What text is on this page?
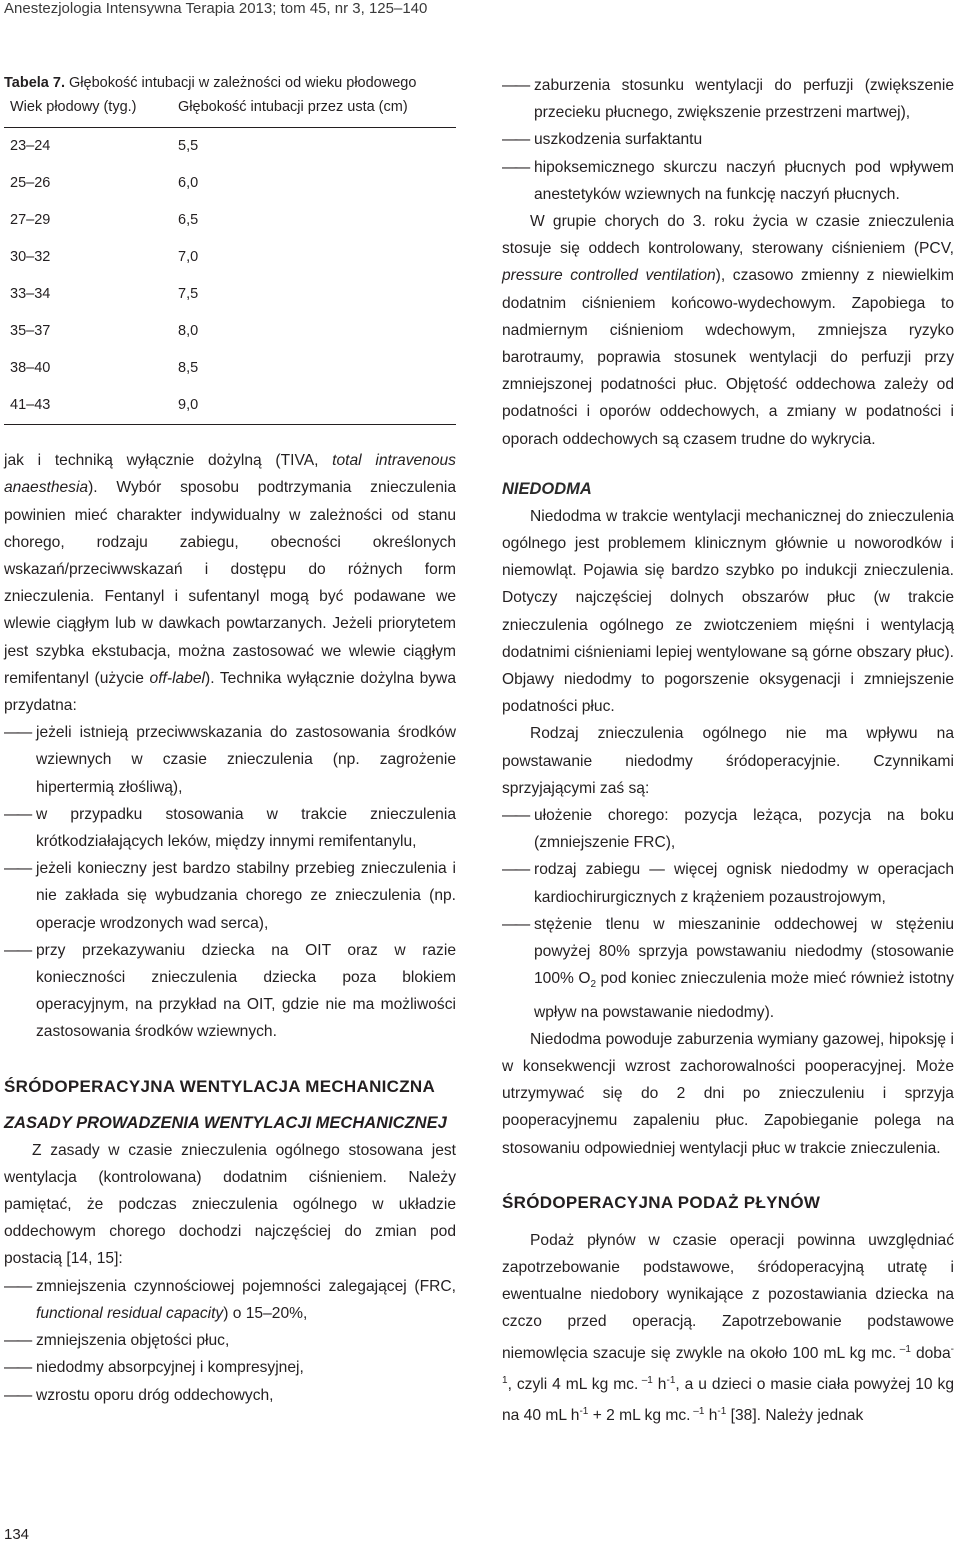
Anestezjologia Intensywna Terapia 2013; tom 45, nr 3, 125–140
Tabela 7. Głębokość intubacji w zależności od wieku płodowego
Wiek płodowy (tyg.)	Głębokość intubacji przez usta (cm)
23–24	5,5
25–26	6,0
27–29	6,5
30–32	7,0
33–34	7,5
35–37	8,0
38–40	8,5
41–43	9,0

jak i techniką wyłącznie dożylną (TIVA, total intravenous anaesthesia). Wybór sposobu podtrzymania znieczulenia powinien mieć charakter indywidualny w zależności od stanu chorego, rodzaju zabiegu, obecności określonych wskazań/przeciwwskazań i dostępu do różnych form znieczulenia. Fentanyl i sufentanyl mogą być podawane we wlewie ciągłym lub w dawkach powtarzanych. Jeżeli priorytetem jest szybka ekstubacja, można zastosować we wlewie ciągłym remifentanyl (użycie off-label). Technika wyłącznie dożylna bywa przydatna:

—— jeżeli istnieją przeciwwskazania do zastosowania środków wziewnych w czasie znieczulenia (np. zagrożenie hipertermią złośliwą),
—— w przypadku stosowania w trakcie znieczulenia krótkodziałających leków, między innymi remifentanylu,
—— jeżeli konieczny jest bardzo stabilny przebieg znieczulenia i nie zakłada się wybudzania chorego ze znieczulenia (np. operacje wrodzonych wad serca),
—— przy przekazywaniu dziecka na OIT oraz w razie konieczności znieczulenia dziecka poza blokiem operacyjnym, na przykład na OIT, gdzie nie ma możliwości zastosowania środków wziewnych.
ŚRÓDOPERACYJNA WENTYLACJA MECHANICZNA
ZASADY PROWADZENIA WENTYLACJI MECHANICZNEJ

Z zasady w czasie znieczulenia ogólnego stosowana jest wentylacja (kontrolowana) dodatnim ciśnieniem. Należy pamiętać, że podczas znieczulenia ogólnego w układzie oddechowym chorego dochodzi najczęściej do zmian pod postacią [14, 15]:

—— zmniejszenia czynnościowej pojemności zalegającej (FRC, functional residual capacity) o 15–20%,
—— zmniejszenia objętości płuc,
—— niedodmy absorpcyjnej i kompresyjnej,
—— wzrostu oporu dróg oddechowych,
—— zaburzenia stosunku wentylacji do perfuzji (zwiększenie przecieku płucnego, zwiększenie przestrzeni martwej),
—— uszkodzenia surfaktantu
—— hipoksemicznego skurczu naczyń płucnych pod wpływem anestetyków wziewnych na funkcję naczyń płucnych.

W grupie chorych do 3. roku życia w czasie znieczulenia stosuje się oddech kontrolowany, sterowany ciśnieniem (PCV, pressure controlled ventilation), czasowo zmienny z niewielkim dodatnim ciśnieniem końcowo-wydechowym. Zapobiega to nadmiernym ciśnieniom wdechowym, zmniejsza ryzyko barotraumy, poprawia stosunek wentylacji do perfuzji przy zmniejszonej podatności płuc. Objętość oddechowa zależy od podatności i oporów oddechowych, a zmiany w podatności i oporach oddechowych są czasem trudne do wykrycia.

NIEDODMA

Niedodma w trakcie wentylacji mechanicznej do znieczulenia ogólnego jest problemem klinicznym głównie u noworodków i niemowląt. Pojawia się bardzo szybko po indukcji znieczulenia. Dotyczy najczęściej dolnych obszarów płuc (w trakcie znieczulenia ogólnego ze zwiotczeniem mięśni i wentylacją dodatnimi ciśnieniami lepiej wentylowane są górne obszary płuc). Objawy niedodmy to pogorszenie oksygenacji i zmniejszenie podatności płuc.

Rodzaj znieczulenia ogólnego nie ma wpływu na powstawanie niedodmy śródoperacyjnie. Czynnikami sprzyjającymi zaś są:

—— ułożenie chorego: pozycja leżąca, pozycja na boku (zmniejszenie FRC),
—— rodzaj zabiegu — więcej ognisk niedodmy w operacjach kardiochirurgicznych z krążeniem pozaustrojowym,
—— stężenie tlenu w mieszaninie oddechowej w stężeniu powyżej 80% sprzyja powstawaniu niedodmy (stosowanie 100% $O_2$ pod koniec znieczulenia może mieć również istotny wpływ na powstawanie niedodmy).

Niedodma powoduje zaburzenia wymiany gazowej, hipoksję i w konsekwencji wzrost zachorowalności pooperacyjnej. Może utrzymywać się do 2 dni po znieczuleniu i sprzyja pooperacyjnemu zapaleniu płuc. Zapobieganie polega na stosowaniu odpowiedniej wentylacji płuc w trakcie znieczulenia.

ŚRÓDOPERACYJNA PODAŻ PŁYNÓW

Podaż płynów w czasie operacji powinna uwzględniać zapotrzebowanie podstawowe, śródoperacyjną utratę i ewentualne niedobory wynikające z pozostawiania dziecka na czczo przed operacją. Zapotrzebowanie podstawowe niemowlęcia szacuje się zwykle na około 100 mL kg mc. $^{-1}$ doba$^{-1}$, czyli 4 mL kg mc. $^{-1}$ $h^{-1}$, a u dzieci o masie ciała powyżej 10 kg na 40 mL $h^{-1} + 2$ mL kg mc. $^{-1}$ $h^{-1}$ [38]. Należy jednak

134
